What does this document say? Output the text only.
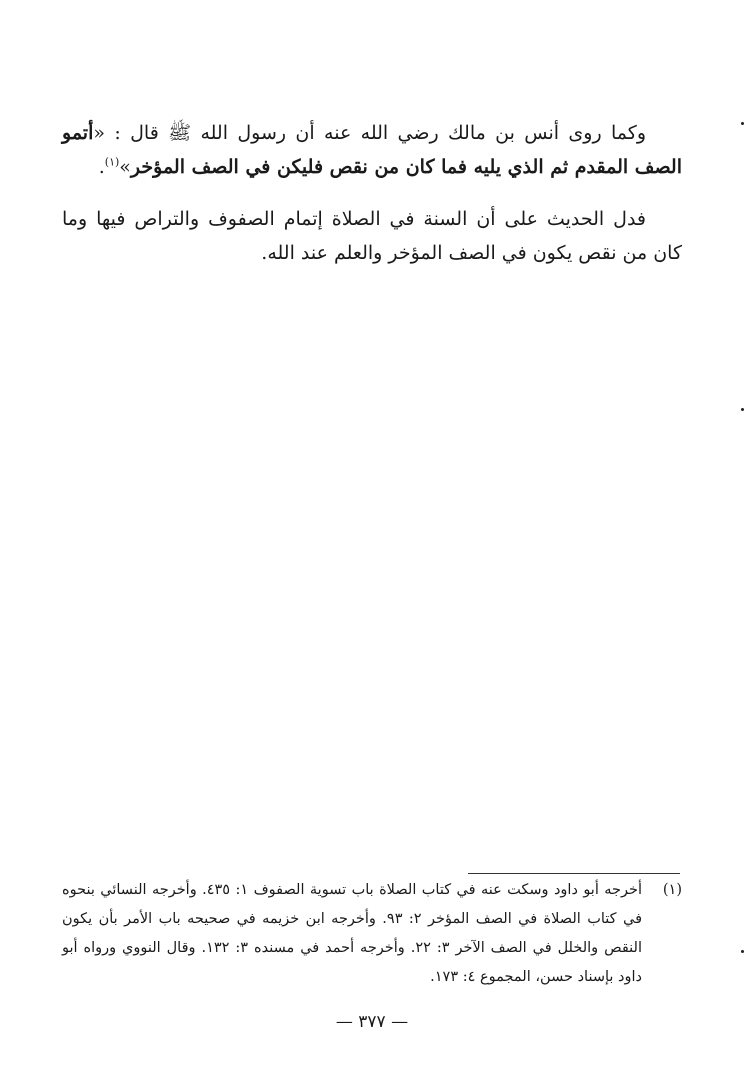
وكما روى أنس بن مالك رضي الله عنه أن رسول الله ﷺ قال : «أتمو الصف المقدم ثم الذي يليه فما كان من نقص فليكن في الصف المؤخر»$^{(١)}$.

فدل الحديث على أن السنة في الصلاة إتمام الصفوف والتراص فيها وما كان من نقص يكون في الصف المؤخر والعلم عند الله.

(١)
أخرجه أبو داود وسكت عنه في كتاب الصلاة باب تسوية الصفوف ١: ٤٣٥. وأخرجه النسائي بنحوه في كتاب الصلاة في الصف المؤخر ٢: ٩٣. وأخرجه ابن خزيمه في صحيحه باب الأمر بأن يكون النقص والخلل في الصف الآخر ٣: ٢٢. وأخرجه أحمد في مسنده ٣: ١٣٢. وقال النووي ورواه أبو داود بإسناد حسن، المجموع ٤: ١٧٣.
— ٣٧٧ —
